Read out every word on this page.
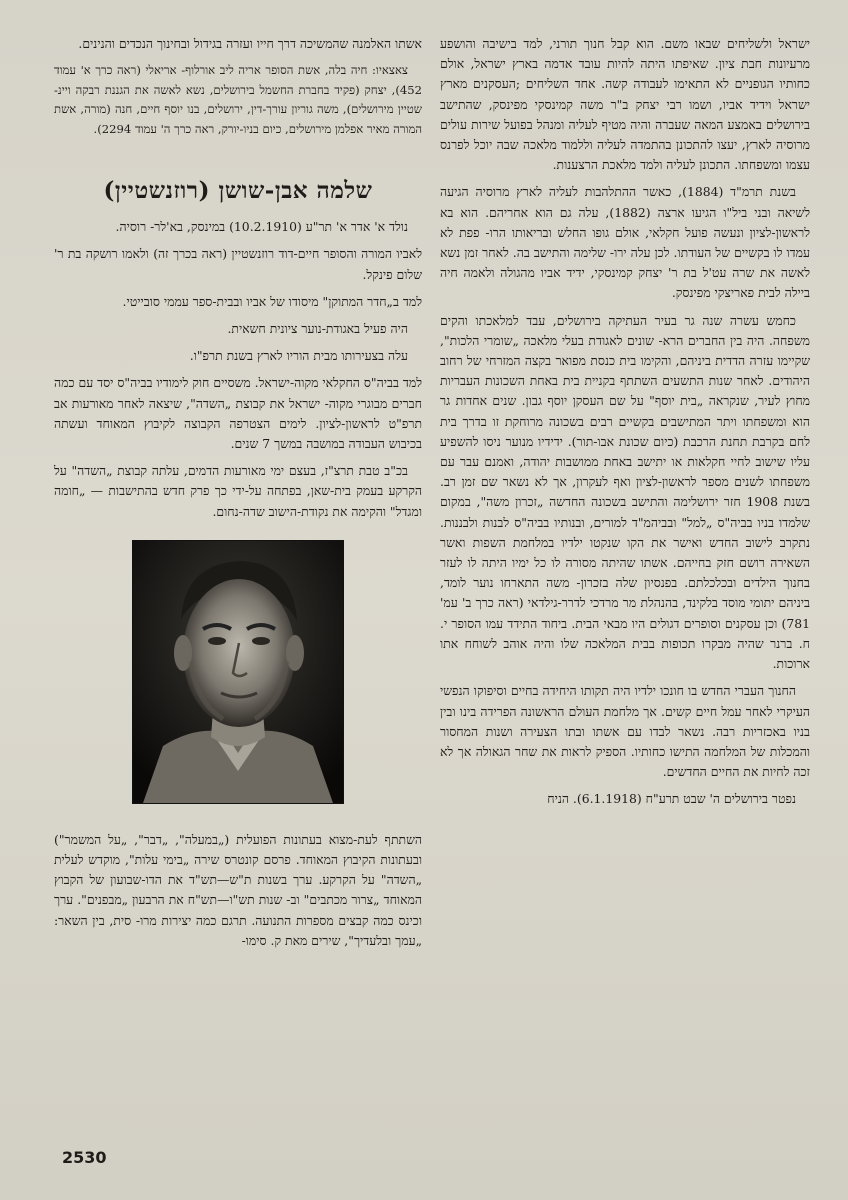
ישראל ולשליחים שבאו משם. הוא קבל חנוך תורני, למד בישיבה והושפע מרעיונות חבת ציון. שאיפתו היתה להיות עובד אדמה בארץ ישראל, אולם כחותיו הגופניים לא התאימו לעבודה קשה. אחד השליחים ;העסקנים מארץ ישראל וידיד אביו, ושמו רבי יצחק ב"ר משה קמינסקי מפינסק, שהתישב בירושלים באמצע המאה שעברה והיה מטיף לעליה ומנהל בפועל שירות עולים מרוסיה לארץ, יעצו להתכונן בהתמדה לעליה וללמוד מלאכה שבה יוכל לפרנס עצמו ומשפחתו. התכונן לעליה ולמד מלאכת הרצענות.

בשנת תרמ"ד (1884), כאשר ההתלהבות לעליה לארץ מרוסיה הגיעה לשיאה ובני ביל"ו הגיעו ארצה (1882), עלה גם הוא אחריהם. הוא בא לראשון-לציון ונעשה פועל חקלאי, אולם גופו החלש ובריאותו הרו- פפת לא עמדו לו בקשיים של העודתו. לכן עלה ירו- שלימה והתישב בה. לאחר זמן נשא לאשה את שרה עט'ל בת ר' יצחק קמינסקי, ידיד אביו מהגולה ולאמה חיה ביילה לבית פאריצקי מפינסק.

כחמש עשרה שנה גר בעיר העתיקה בירושלים, עבד למלאכתו והקים משפחה. היה בין החברים הרא- שונים לאגודת בעלי מלאכה „שומרי הלכות", שקיימו עזרה הדדית ביניהם, והקימו בית כנסת מפואר בקצה המזרחי של רחוב היהודים. לאחר שנות התשעים השתתף בקניית בית באחת השכונות העבריות מחוץ לעיר, שנקראה „בית יוסף" על שם העסקן יוסף גבון. שנים אחדות גר הוא ומשפחתו ויתר המתישבים בקשיים רבים בשכונה מרוחקת זו בדרך בית לחם בקרבת תחנת הרכבת (כיום שכונת אבו-תור). ידידיו מנוער ניסו להשפיע עליו שישוב לחיי חקלאות או יתישב באחת ממושבות יהודה, ואמנם עבר עם משפחתו לשנים מספר לראשון-לציון ואף לעקרון, אך לא נשאר שם זמן רב. בשנת 1908 חזר ירושלימה והתישב בשכונה החדשה „זכרון משה", במקום שלמדו בניו בביה"ס „למל" ובביהמ"ד למורים, ובנותיו בביה"ס לבנות ולבננות. נתקרב לישוב החדש ואישר את הקו שנקטו ילדיו במלחמת השפות ואשר השאירה רושם חזק בחייהם. אשתו שהיתה מסורה לו כל ימיו היתה לו לעזר בחנוך הילדים ובכלכלתם. בפנסיון שלה בזכרון- משה התארחו נוער לומד, ביניהם יתומי מוסד בלקינד, בהנהלת מר מרדכי לדרר-גילדאי (ראה כרך ב' עמ' 781) וכן עסקנים וסופרים דגולים היו מבאי הבית. ביחוד התידד עמו הסופר י. ח. ברנר שהיה מבקרו תכופות בבית המלאכה שלו והיה אוהב לשוחח אתו ארוכות.

החנוך העברי החדש בו חונכו ילדיו היה תקותו היחידה בחיים וסיפוקו הנפשי העיקרי לאחר עמל חיים קשים. אך מלחמת העולם הראשונה הפרידה בינו ובין בניו באכזריות רבה. נשאר לבדו עם אשתו ובתו הצעירה ושנות המחסור והמכלות של המלחמה התישו כחותיו. הספיק לראות את שחר הגאולה אך לא זכה לחיות את החיים החדשים.

נפטר בירושלים ה' שבט תרע"ח (6.1.1918). הניח

אשתו האלמנה שהמשיכה דרך חייו ועזרה בגידול ובחינוך הנכדים והנינים.

צאצאיו: חיה בלה, אשת הסופר אריה ליב אורלוף- אריאלי (ראה כרך א' עמוד 452), יצחק (פקיד בחברת החשמל בירושלים, נשא לאשה את הגננת רבקה ויינ- שטיין מירושלים), משה גוריון עורך-דין, ירושלים, בנו יוסף חיים, חנה (מורה, אשת המורה מאיר אפלמן מירושלים, כיום בניו-יורק, ראה כרך ה' עמוד 2294).

שלמה אבן-שושן (רוזנשטיין)

נולד א' אדר א' תר"ע (10.2.1910) במינסק, בא'לר- רוסיה.

לאביו המורה והסופר חיים-דוד רוזנשטיין (ראה בכרך זה) ולאמו רושקה בת ר' שלום פינקל.

למד ב„חדר המתוקן" מיסודו של אביו ובבית-ספר עממי סובייטי.

היה פעיל באגודת-נוער ציונית חשאית.

עלה בצעירותו מבית הוריו לארץ בשנת תרפ"ו.

למד בביה"ס החקלאי מקוה-ישראל. משסיים חוק לימודיו בביה"ס יסד עם כמה חברים מבוגרי מקוה- ישראל את קבוצת „השדה", שיצאה לאחר מאורעות אב תרפ"ט לראשון-לציון. לימים הצטרפה הקבוצה לקיבוץ המאוחד ועשתה בכיבוש העבודה במושבה במשך 7 שנים.

בכ"ב טבת תרצ"ז, בעצם ימי מאורעות הדמים, עלתה קבוצת „השדה" על הקרקע בעמק בית-שאן, בפתחה על-ידי כך פרק חדש בהתישבות — „חומה ומגדל" והקימה את נקודת-הישוב שדה-נחום.

השתתף לעת-מצוא בעתונות הפועלית („במעלה", „דבר", „על המשמר") ובעתונות הקיבוץ המאוחד. פרסם קונטרס שירה „בימי עלות", מוקדש לעלית „השדה" על הקרקע. ערך בשנות ת"ש—תש"ד את הדו-שבועון של הקבוץ המאוחד „צרור מכתבים" וב- שנות תש"ו—תש"ח את הרבעון „מבפנים". ערך וכינס כמה קבצים מספרות התנועה. תרגם כמה יצירות מרו- סית, בין השאר: „עמך ובלעדיך", שירים מאת ק. סימו-

2530
